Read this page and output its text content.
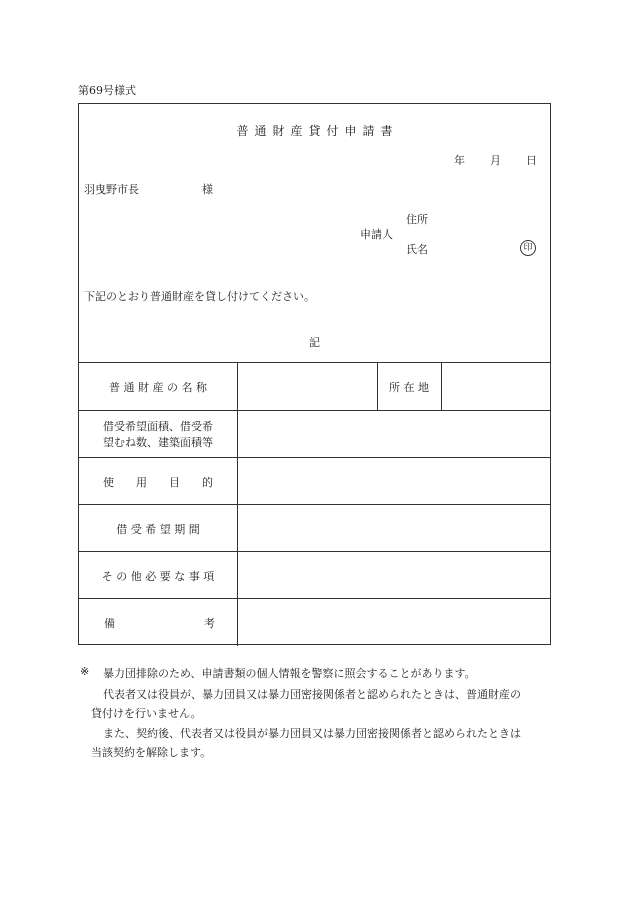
第69号様式
普通財産貸付申請書
年 月 日
羽曳野市長	様
住所
申請人
氏名	印
下記のとおり普通財産を貸し付けてください。
記
普 通 財 産 の 名 称	所 在 地
借受希望面積、借受希
望むね数、建築面積等
使　　用　　目　　的
借 受 希 望 期 間
そ の 他 必 要 な 事 項
備	考
※ 暴力団排除のため、申請書類の個人情報を警察に照会することがあります。
代表者又は役員が、暴力団員又は暴力団密接関係者と認められたときは、普通財産の
貸付けを行いません。
また、契約後、代表者又は役員が暴力団員又は暴力団密接関係者と認められたときは
当該契約を解除します。
